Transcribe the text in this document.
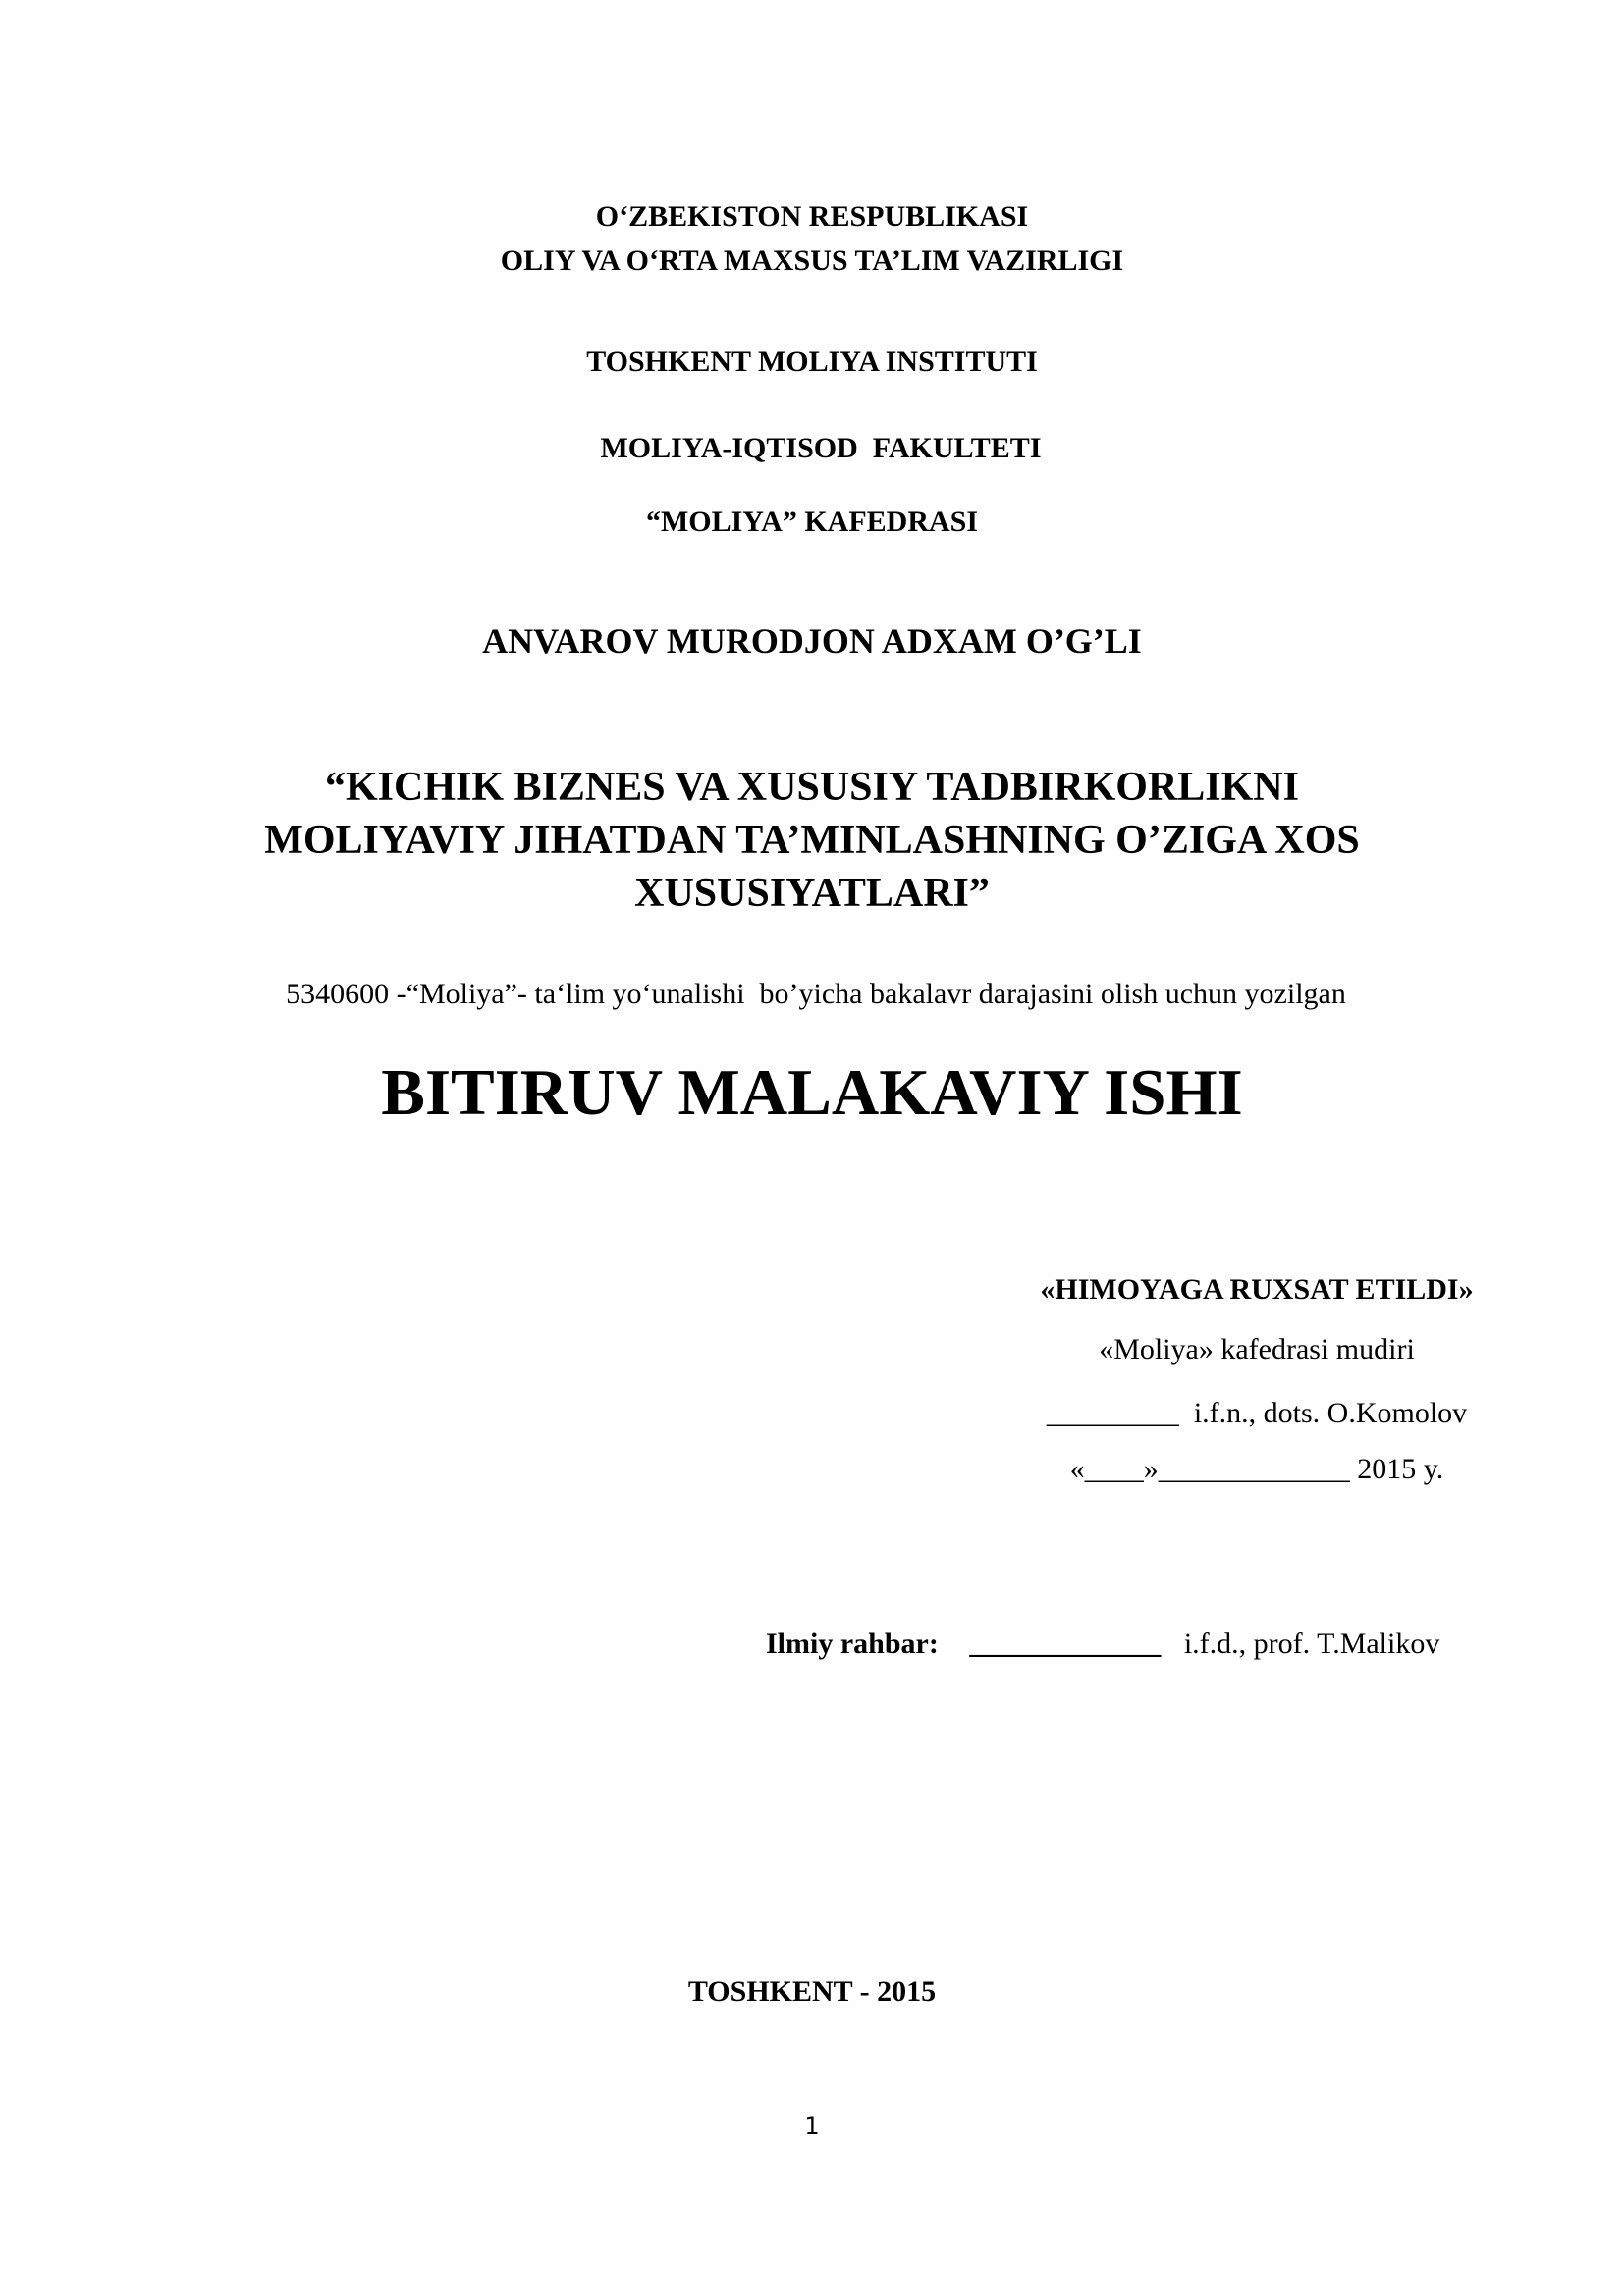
O‘ZBEKISTON RESPUBLIKASI
OLIY VA O‘RTA MAXSUS TA’LIM VAZIRLIGI
TOSHKENT MOLIYA INSTITUTI
MOLIYA-IQTISOD  FAKULTETI
“MOLIYA” KAFEDRASI
ANVAROV MURODJON ADXAM O’G’LI
“KICHIK BIZNES VA XUSUSIY TADBIRKORLIKNI
MOLIYAVIY JIHATDAN TA’MINLASHNING O’ZIGA XOS
XUSUSIYATLARI”
5340600 -“Moliya”- ta‘lim yo‘unalishi  bo’yicha bakalavr darajasini olish uchun yozilgan
BITIRUV MALAKAVIY ISHI
«HIMOYAGA RUXSAT ETILDI»
«Moliya» kafedrasi mudiri
_________  i.f.n., dots. O.Komolov
«____»_____________ 2015 y.
Ilmiy rahbar: _____________ i.f.d., prof. T.Malikov
TOSHKENT - 2015
1
